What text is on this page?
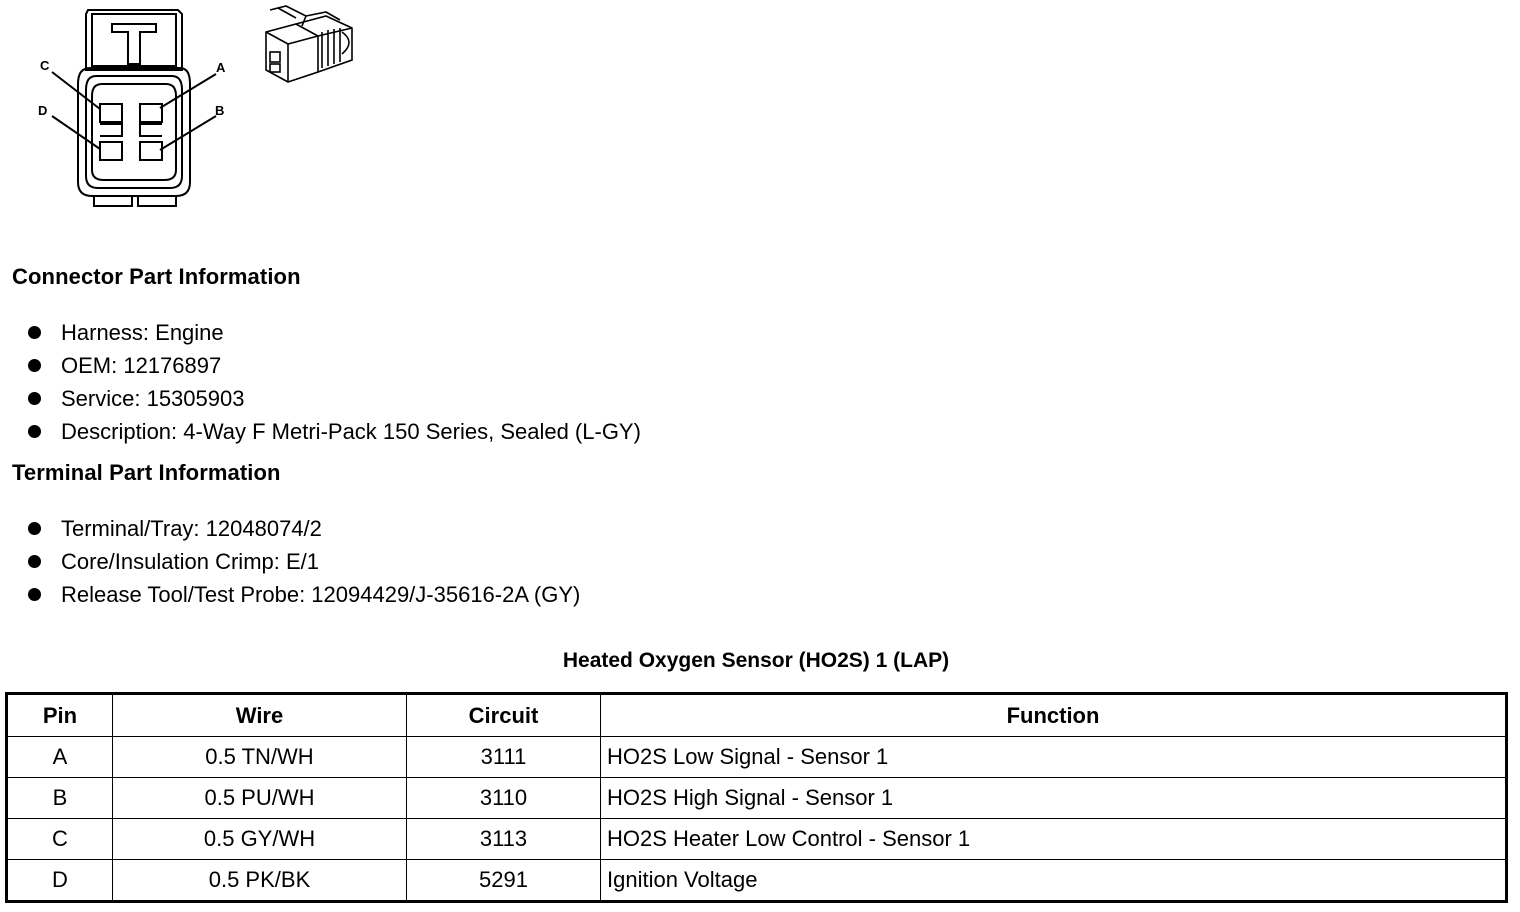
C	A
D	B
Connector Part Information
Harness: Engine
OEM: 12176897
Service: 15305903
Description: 4-Way F Metri-Pack 150 Series, Sealed (L-GY)
Terminal Part Information
Terminal/Tray: 12048074/2
Core/Insulation Crimp: E/1
Release Tool/Test Probe: 12094429/J-35616-2A (GY)
Heated Oxygen Sensor (HO2S) 1 (LAP)
Pin	Wire	Circuit	Function
A	0.5 TN/WH	3111	HO2S Low Signal - Sensor 1
B	0.5 PU/WH	3110	HO2S High Signal - Sensor 1
C	0.5 GY/WH	3113	HO2S Heater Low Control - Sensor 1
D	0.5 PK/BK	5291	Ignition Voltage
